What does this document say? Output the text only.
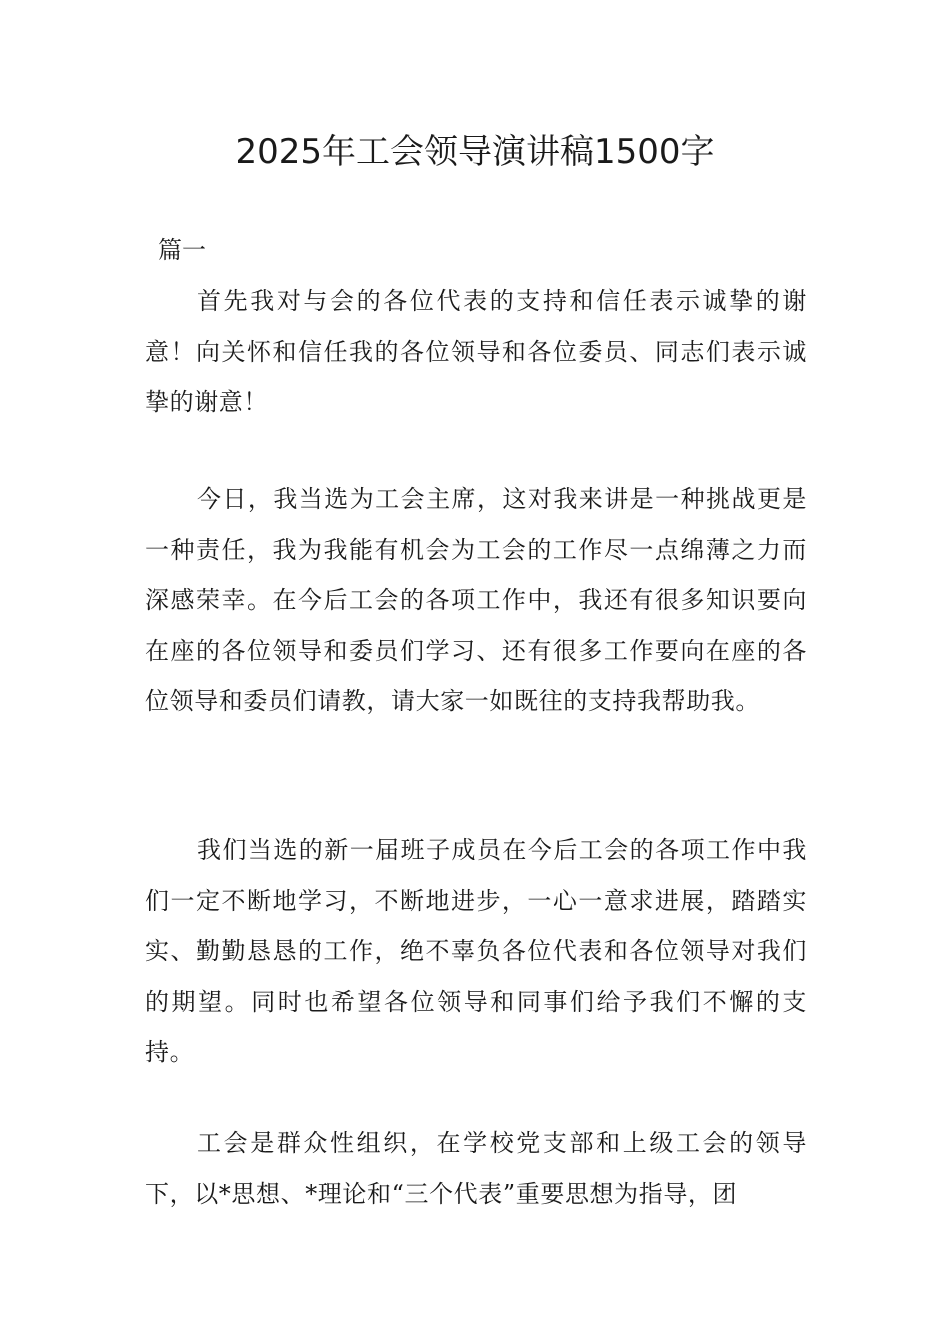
2025年工会领导演讲稿1500字
篇一

首先我对与会的各位代表的支持和信任表示诚挚的谢意！向关怀和信任我的各位领导和各位委员、同志们表示诚挚的谢意！

今日，我当选为工会主席，这对我来讲是一种挑战更是一种责任，我为我能有机会为工会的工作尽一点绵薄之力而深感荣幸。在今后工会的各项工作中，我还有很多知识要向在座的各位领导和委员们学习、还有很多工作要向在座的各位领导和委员们请教，请大家一如既往的支持我帮助我。

我们当选的新一届班子成员在今后工会的各项工作中我们一定不断地学习，不断地进步，一心一意求进展，踏踏实实、勤勤恳恳的工作，绝不辜负各位代表和各位领导对我们的期望。同时也希望各位领导和同事们给予我们不懈的支持。

工会是群众性组织，在学校党支部和上级工会的领导下，以*思想、*理论和“三个代表”重要思想为指导，团
